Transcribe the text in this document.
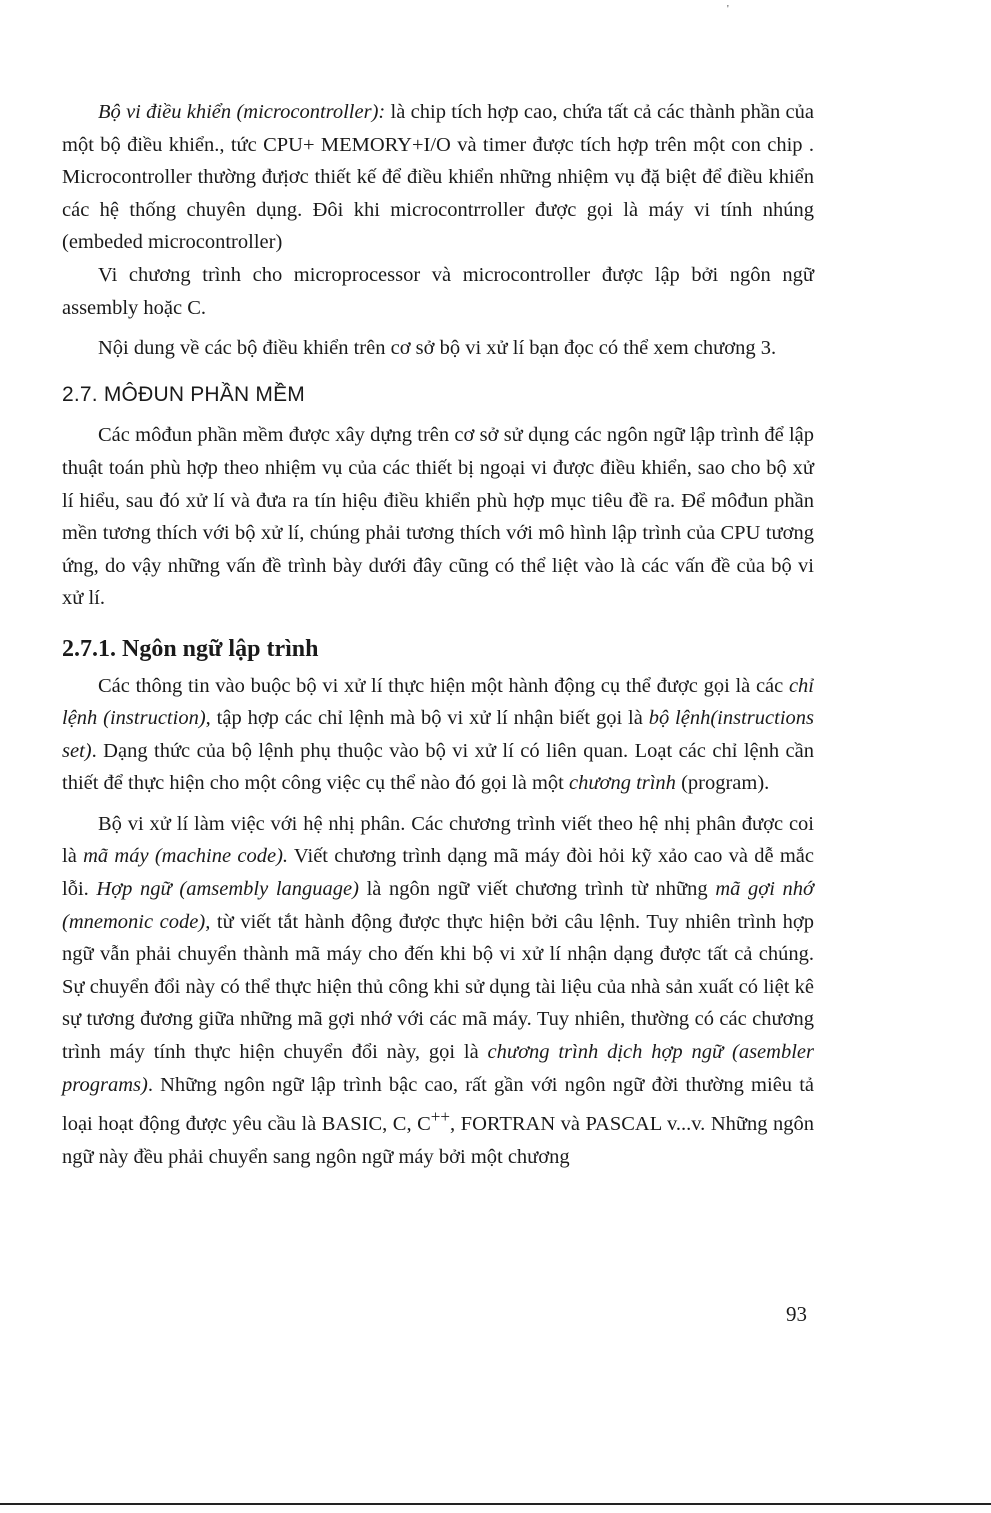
'

Bộ vi điều khiển (microcontroller): là chip tích hợp cao, chứa tất cả các thành phần của một bộ điều khiển., tức CPU+ MEMORY+I/O và timer được tích hợp trên một con chip . Microcontroller thường đưịơc thiết kế để điều khiển những nhiệm vụ đặ biệt để điều khiển các hệ thống chuyên dụng. Đôi khi microcontrroller được gọi là máy vi tính nhúng (embeded microcontroller)

Vi chương trình cho microprocessor và microcontroller được lập bởi ngôn ngữ assembly hoặc C.

Nội dung về các bộ điều khiển trên cơ sở bộ vi xử lí bạn đọc có thể xem chương 3.

2.7. MÔĐUN PHẦN MỀM

Các môđun phần mềm được xây dựng trên cơ sở sử dụng các ngôn ngữ lập trình để lập thuật toán phù hợp theo nhiệm vụ của các thiết bị ngoại vi được điều khiển, sao cho bộ xử lí hiểu, sau đó xử lí và đưa ra tín hiệu điều khiển phù hợp mục tiêu đề ra. Để môđun phần mền tương thích với bộ xử lí, chúng phải tương thích với mô hình lập trình của CPU tương ứng, do vậy những vấn đề trình bày dưới đây cũng có thể liệt vào là các vấn đề của bộ vi xử lí.

2.7.1. Ngôn ngữ lập trình

Các thông tin vào buộc bộ vi xử lí thực hiện một hành động cụ thể được gọi là các chỉ lệnh (instruction), tập hợp các chỉ lệnh mà bộ vi xử lí nhận biết gọi là bộ lệnh(instructions set). Dạng thức của bộ lệnh phụ thuộc vào bộ vi xử lí có liên quan. Loạt các chỉ lệnh cần thiết để thực hiện cho một công việc cụ thể nào đó gọi là một chương trình (program).

Bộ vi xử lí làm việc với hệ nhị phân. Các chương trình viết theo hệ nhị phân được coi là mã máy (machine code). Viết chương trình dạng mã máy đòi hỏi kỹ xảo cao và dễ mắc lỗi. Hợp ngữ (amsembly language) là ngôn ngữ viết chương trình từ những mã gợi nhớ (mnemonic code), từ viết tắt hành động được thực hiện bởi câu lệnh. Tuy nhiên trình hợp ngữ vẫn phải chuyển thành mã máy cho đến khi bộ vi xử lí nhận dạng được tất cả chúng. Sự chuyển đổi này có thể thực hiện thủ công khi sử dụng tài liệu của nhà sản xuất có liệt kê sự tương đương giữa những mã gợi nhớ với các mã máy. Tuy nhiên, thường có các chương trình máy tính thực hiện chuyển đổi này, gọi là chương trình dịch hợp ngữ (asembler programs). Những ngôn ngữ lập trình bậc cao, rất gần với ngôn ngữ đời thường miêu tả loại hoạt động được yêu cầu là BASIC, C, C++, FORTRAN và PASCAL v...v. Những ngôn ngữ này đều phải chuyển sang ngôn ngữ máy bởi một chương

93
